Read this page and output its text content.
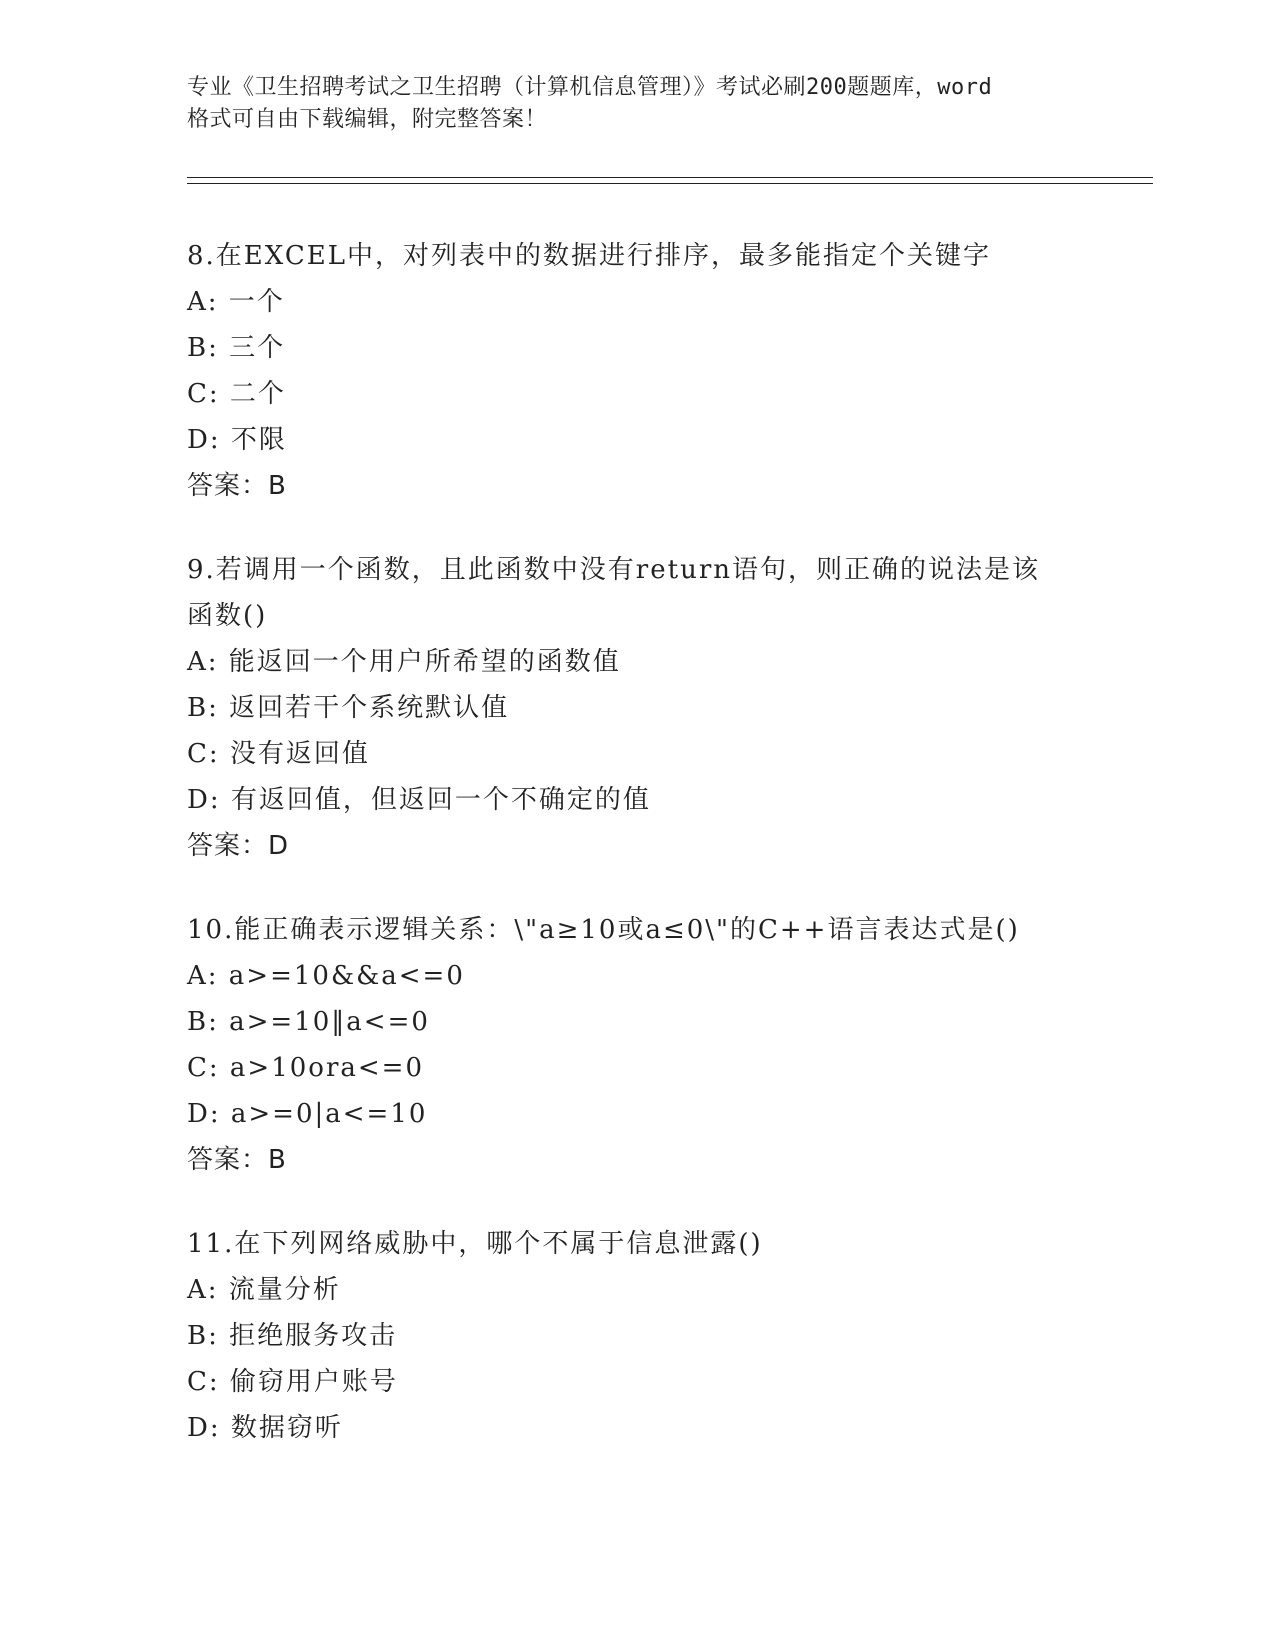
专业《卫生招聘考试之卫生招聘（计算机信息管理）》考试必刷200题题库，word
格式可自由下载编辑，附完整答案！
8.在EXCEL中，对列表中的数据进行排序，最多能指定个关键字
A: 一个
B: 三个
C: 二个
D: 不限
答案：B
9.若调用一个函数，且此函数中没有return语句，则正确的说法是该
函数()
A: 能返回一个用户所希望的函数值
B: 返回若干个系统默认值
C: 没有返回值
D: 有返回值，但返回一个不确定的值
答案：D
10.能正确表示逻辑关系：\"a≥10或a≤0\"的C++语言表达式是()
A: a>=10&&a<=0
B: a>=10‖a<=0
C: a>10ora<=0
D: a>=0|a<=10
答案：B
11.在下列网络威胁中，哪个不属于信息泄露()
A: 流量分析
B: 拒绝服务攻击
C: 偷窃用户账号
D: 数据窃听
